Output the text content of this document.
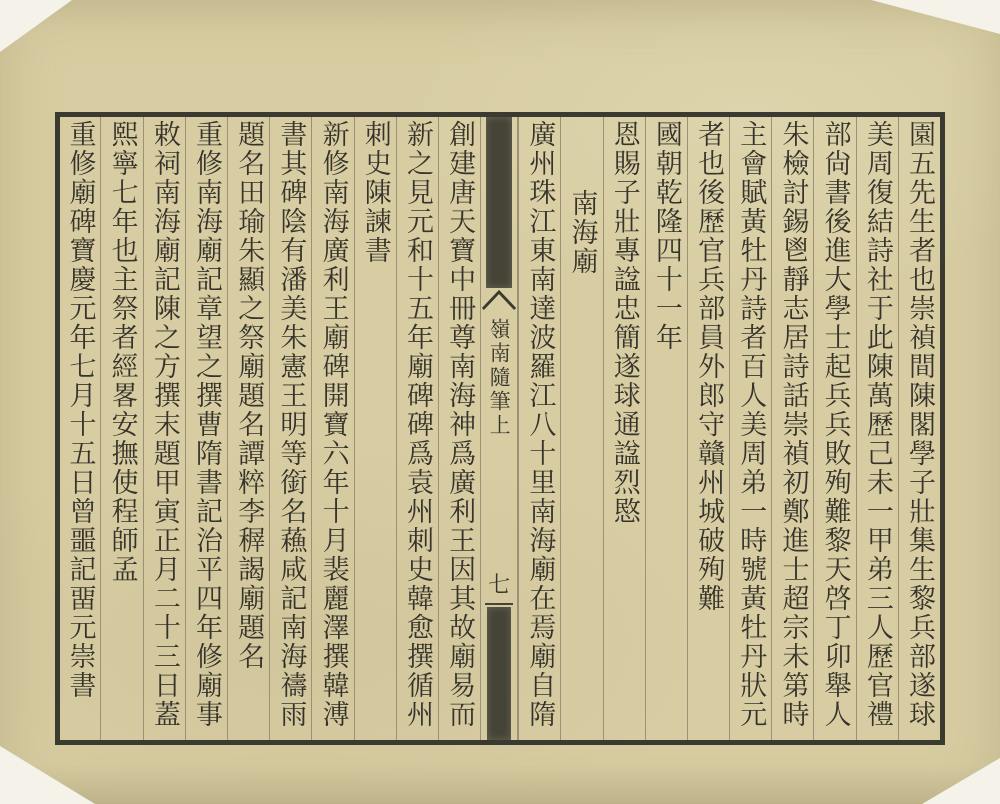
園五先生者也崇禎間陳閣學子壯集生黎兵部遂球
美周復結詩社于此陳萬歷己未一甲弟三人歷官禮
部尙書後進大學士起兵兵敗殉難黎天啓丁卯舉人
朱檢討錫鬯靜志居詩話崇禎初鄭進士超宗未第時
主會賦黃牡丹詩者百人美周弟一時號黃牡丹狀元
者也後歷官兵部員外郎守贛州城破殉難
國朝乾隆四十一年
恩賜子壯專諡忠簡遂球通諡烈愍
南海廟
廣州珠江東南達波羅江八十里南海廟在焉廟自隋
嶺南隨筆上
七
創建唐天寶中冊尊南海神爲廣利王因其故廟易而
新之見元和十五年廟碑碑爲袁州刺史韓愈撰循州
刺史陳諫書
新修南海廣利王廟碑開寶六年十月裴麗澤撰韓溥
書其碑陰有潘美朱憲王明等銜名蘓咸記南海禱雨
題名田瑜朱顯之祭廟題名譚粹李稺謁廟題名
重修南海廟記章望之撰曹隋書記治平四年修廟事
敕祠南海廟記陳之方撰末題甲寅正月二十三日蓋
熙寧七年也主祭者經畧安撫使程師孟
重修廟碑寶慶元年七月十五日曾噩記畱元崇書
